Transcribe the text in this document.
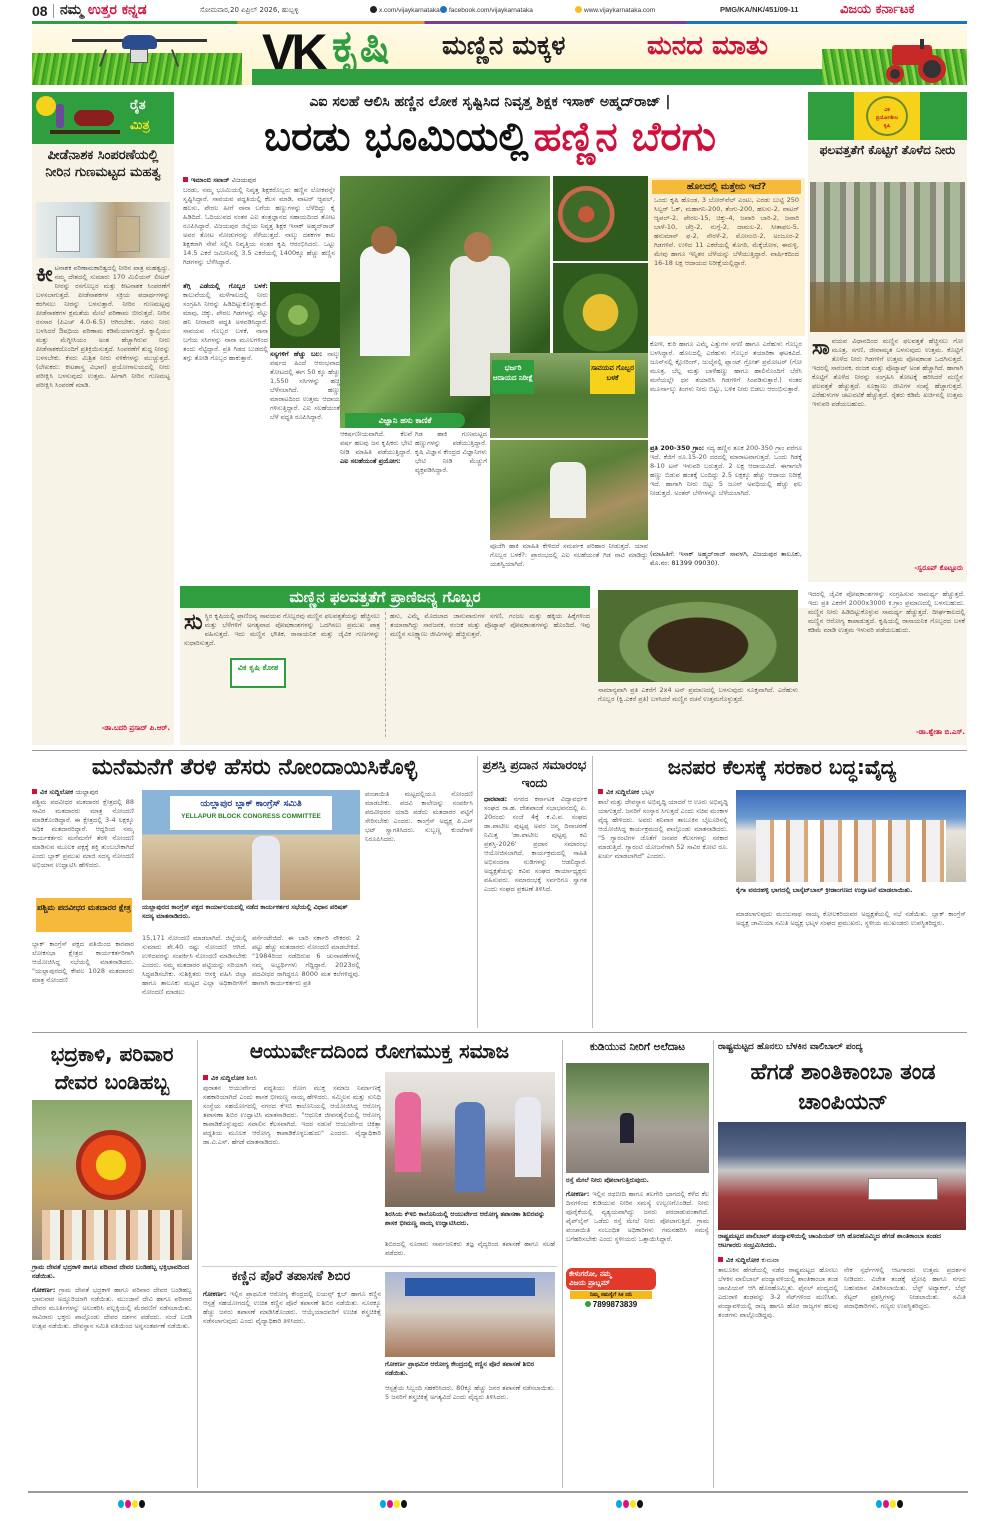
08 ನಮ್ಮ ಉತ್ತರ ಕನ್ನಡ	ಸೋಮವಾರ,20 ಏಪ್ರಿಲ್ 2026, ಹುಬ್ಬಳ್ಳಿ	x.com/vijaykarnataka	facebook.com/vijaykarnataka	www.vijaykarnataka.com	PMG/KA/NK/451/09-11	ವಿಜಯ ಕರ್ನಾಟಕ
VK ಕೃಷಿ ಮಣ್ಣಿನ ಮಕ್ಕಳ	ಮನದ ಮಾತು
ರೈತ
ಮಿತ್ರ
ಪೀಡೆನಾಶಕ ಸಿಂಪರಣೆಯಲ್ಲಿ ನೀರಿನ ಗುಣಮಟ್ಟದ ಮಹತ್ವ
ಕೀ ಟನಾಶಕ ಪರಿಣಾಮಕಾರಿತ್ವದಲ್ಲಿ ನೀರಿನ ಪಾತ್ರ ಮಹತ್ವದ್ದು. ನಮ್ಮ ದೇಶದಲ್ಲಿ ಸುಮಾರು 170 ಮಿಲಿಯನ್ ಲೀಟರ್ ನೀರನ್ನು ರಸಗೊಬ್ಬರ ಮತ್ತು ಕೀಟನಾಶಕ ಸಿಂಪರಣೆಗೆ ಬಳಸಲಾಗುತ್ತದೆ. ಪೀಡೆನಾಶಕಗಳ ಸಕ್ರಿಯ ಪದಾರ್ಥಗಳನ್ನು ಕರಗಿಸಲು ನೀರನ್ನು ಬಳಸುತ್ತಾರೆ. ನೀರಿನ ಗುಣಮಟ್ಟವು ಪೀಡೆನಾಶಕಗಳ ಕ್ಷಮತೆಯ ಮೇಲೆ ಪರಿಣಾಮ ಬೀರುತ್ತದೆ. ನೀರಿನ ರಸಸಾರ (ಪಿಎಚ್ 4.0-6.5) ಆಗಿರಬೇಕು. ಗಡಸು ನೀರು ಬಳಸಿದರೆ ಔಷಧಿಯ ಪರಿಣಾಮ ಕಡಿಮೆಯಾಗುತ್ತದೆ. ಕ್ಯಾಲ್ಸಿಯಂ ಮತ್ತು ಮೆಗ್ನೀಸಿಯಂ ಅಂಶ ಹೆಚ್ಚಾಗಿರುವ ನೀರು ಪೀಡೆನಾಶಕದೊಂದಿಗೆ ಪ್ರತಿಕ್ರಿಯಿಸುತ್ತದೆ. ಸಿಂಪರಣೆಗೆ ಶುದ್ಧ ನೀರನ್ನು ಬಳಸಬೇಕು. ಕೆಸರು ಮಿಶ್ರಿತ ನೀರು ನಳಿಕೆಗಳನ್ನು ಮುಚ್ಚುತ್ತದೆ. (ಲೇಖಕರು: ಕೀಟಶಾಸ್ತ್ರ ವಿಭಾಗ) ಪ್ರಯೋಗಾಲಯದಲ್ಲಿ ನೀರು ಪರೀಕ್ಷಿಸಿ ಬಳಸುವುದು ಉತ್ತಮ. ಹೀಗಾಗಿ ನೀರಿನ ಗುಣಮಟ್ಟ ಪರೀಕ್ಷಿಸಿ ಸಿಂಪರಣೆ ಮಾಡಿ.
-ಡಾ.ಬದರಿ ಪ್ರಸಾದ್ ಪಿ.ಆರ್.
ಎಐ ಸಲಹೆ ಆಲಿಸಿ ಹಣ್ಣಿನ ಲೋಕ ಸೃಷ್ಟಿಸಿದ ನಿವೃತ್ತ ಶಿಕ್ಷಕ ಇಸಾಕ್ ಅಹ್ಮದ್‌ರಾಜ್ |
ಬರಡು ಭೂಮಿಯಲ್ಲಿ ಹಣ್ಣಿನ ಬೆರಗು
ಇಮಾಂಬಿ ಸವಾಜ್ ವಿಜಯಪುರ
ಬರಡು, ನಮ್ಮ ಭೂಮಿಯಲ್ಲಿ ನಿವೃತ್ತ ಶಿಕ್ಷಕರೊಬ್ಬರು ಹಣ್ಣಿನ ಲೋಕವನ್ನೇ ಸೃಷ್ಟಿಸಿದ್ದಾರೆ. ಸಾವಯವ ಪದ್ಧತಿಯಲ್ಲಿ ಕೆಲಸ ಮಾಡಿ, ವಾಟರ್ ಆ್ಯಪಲ್, ಹಲಸು, ಪೇರಲ ಹೀಗೆ ನಾನಾ ಬಗೆಯ ಹಣ್ಣುಗಳನ್ನು ಬೆಳೆದಿದ್ದು ಕೈ ಹಿಡಿದಿದೆ. ಓದಿಯುವದ ನಂತರ ಎಐ ತಂತ್ರಜ್ಞಾನದ ಸಹಾಯದಿಂದ ತೋಟ ರೂಪಿಸಿದ್ದಾರೆ. ವಿಜಯಪುರ ಜಿಲ್ಲೆಯ ನಿವೃತ್ತ ಶಿಕ್ಷಕ ಇಸಾಕ್ ಅಹ್ಮದ್‌ರಾಜ್ ಅವರ ತೋಟ ನೋಡುಗರನ್ನು ಸೆಳೆಯುತ್ತದೆ. ನಾಲ್ಕು ದಶಕಗಳ ಕಾಲ ಶಿಕ್ಷಕರಾಗಿ ಸೇವೆ ಸಲ್ಲಿಸಿ ನಿವೃತ್ತಿಯ ನಂತರ ಕೃಷಿ ಆರಂಭಿಸಿದರು. ಒಟ್ಟು 14.5 ಎಕರೆ ಜಮೀನಿನಲ್ಲಿ 3.5 ಎಕರೆಯಲ್ಲಿ 1400ಕ್ಕೂ ಹೆಚ್ಚು ಹಣ್ಣಿನ ಗಿಡಗಳನ್ನು ಬೆಳೆಸಿದ್ದಾರೆ.
ತೆಗ್ಗಿ ಎಡೆಯಲ್ಲಿ ಗೊಬ್ಬರ ಬಳಕೆ: ಕಾಲುವೆಯಲ್ಲಿ ಮಳೆಗಾಲದಲ್ಲಿ ನೀರು ಸಂಗ್ರಹಿಸಿ ನೀರನ್ನು ಹಿಡಿದಿಟ್ಟುಕೊಳ್ಳುತ್ತಾರೆ. ಮಾವು, ಚಿಕ್ಕು, ಪೇರಲ ಗಿಡಗಳನ್ನು ನೆಟ್ಟು ಹನಿ ನೀರಾವರಿ ಪದ್ಧತಿ ಅಳವಡಿಸಿದ್ದಾರೆ. ಸಾವಯವ ಗೊಬ್ಬರ ಬಳಕೆ, ನಾನಾ ಬಗೆಯ ಸಸಿಗಳನ್ನು ನಾನಾ ಮೂಲಗಳಿಂದ ತಂದು ನೆಟ್ಟಿದ್ದಾರೆ. ಪ್ರತಿ ಗಿಡದ ಬುಡದಲ್ಲಿ ತಗ್ಗು ತೋಡಿ ಗೊಬ್ಬರ ಹಾಕುತ್ತಾರೆ.	ಸಸ್ಯಗಳಿಗೆ ಹೆಚ್ಚು ಬಲ: ನಾಲ್ಕು ವರ್ಷದ ಹಿಂದೆ ಆರಂಭವಾದ ತೋಟದಲ್ಲಿ ಈಗ 50 ಕ್ಕೂ ಹೆಚ್ಚು 1,550 ಸಸಿಗಳನ್ನು ಹಚ್ಚಿ ಬೆಳೆಸಲಾಗಿದೆ. ಹಣ್ಣು ಮಾರಾಟದಿಂದ ಉತ್ತಮ ಆದಾಯ ಗಳಿಸುತ್ತಿದ್ದಾರೆ. ಎಐ ಸಲಹೆಯಂತೆ ಬೆಳೆ ಪದ್ಧತಿ ರೂಪಿಸಿದ್ದಾರೆ.	ವಿಜ್ಞಾನಿ ಹಸು ಕಾಣಿಕೆ
ಭರ್ಜರಿ ಆದಾಯದ ನಿರೀಕ್ಷೆ
ಸಾವಯವ ಗೊಬ್ಬರ ಬಳಕೆ
ಆಕರ್ಷಣೀಯವಾಗಿದೆ. ಕೆಲವೆ ವರ್ಷ ಹಲವು ಜನ ಕೃಷಿಕರು ಭೇಟಿ ನೀಡಿ ಮಾಹಿತಿ ಪಡೆಯುತ್ತಿದ್ದಾರೆ. ಎಐ ಸಲಹೆಯಂತೆ ಪ್ರಯೋಗ:
ಗಿಡ ಹಾಕಿ ಗುಣಮಟ್ಟದ ಹಣ್ಣುಗಳನ್ನು ಪಡೆಯುತ್ತಿದ್ದಾರೆ. ಕೃಷಿ ವಿಜ್ಞಾನ ಕೇಂದ್ರದ ವಿಜ್ಞಾನಿಗಳು ಭೇಟಿ ನೀಡಿ ಮೆಚ್ಚುಗೆ ವ್ಯಕ್ತಪಡಿಸಿದ್ದಾರೆ.
ಪೂಜೆಗಿ ಹಾಕಿ ಮಾಹಿತಿ ಕೇಳಿದರೆ ಸಮರ್ಪಕ ಪರಿಹಾರ ನೀಡುತ್ತದೆ. ಯಾವ ಗೊಬ್ಬರ ಬಳಕೆ?: ಪ್ರಾರಂಭದಲ್ಲಿ ಎಐ ಸಲಹೆಯಂತೆ ಗಿಡ ನಾಟಿ ಮಾಡಿದ್ದು ಯಶಸ್ವಿಯಾಗಿದೆ.
ಹೊಲದಲ್ಲಿ ಮತ್ತೇನು ಇದೆ?
ಒಂದು ಕೃಷಿ ಹೊಂಡ, 3 ಬೋರ್‌ವೆಲ್ ಎಂಟು, ಎರಡು ಬುಟ್ಟಿ 250 ಸಿಲ್ವರ್ ಓಕ್, ಮಹಾಗನಿ-200, ತೆಂಗು-200, ಹಲಸು-2, ವಾಟರ್ ಆ್ಯಪಲ್-2, ಪೇರಲ-15, ಚಿಕ್ಕು-4, ಜವಾರಿ ಬಾರಿ-2, ಜವಾರಿ ಬಾಳೆ-10, ಚೆರ್ರಿ-2, ನುಗ್ಗೆ-2, ದಾಮಲ-2, ಸೀತಾಫಲ-5, ಹನುಮಾನ್ ಫ-2, ನೇರಳೆ-2, ಮೋಸಂಬಿ-2, ಅಂಜೂರ-2 ಗಿಡಗಳಿವೆ. ಉಳಿದ 11 ಎಕರೆಯಲ್ಲಿ ತೊಗರಿ, ಮೆಕ್ಕೆಜೋಳ, ಈರುಳ್ಳಿ, ಮೇವು ಹಾಗೂ ಇನ್ನಿತರ ಬೆಳೆಯನ್ನು ಬೆಳೆಯುತ್ತಿದ್ದಾರೆ. ವಾರ್ಷಿಕದಿಂದ 16-18 ಲಕ್ಷ ಆದಾಯದ ನಿರೀಕ್ಷೆಯಲ್ಲಿದ್ದಾರೆ.
ಕೋಳಿ, ಕುರಿ ಹಾಗೂ ಎಮ್ಮೆ ಎತ್ತುಗಳ ಸಗಣಿ ಹಾಗೂ ಎರೆಹುಳು ಗೊಬ್ಬರ ಬಳಸಿದ್ದಾರೆ. ಹೊಲದಲ್ಲಿ ಎರೆಹುಳು ಗೊಬ್ಬರ ತಯಾರಿಕಾ ಘಟಕವಿದೆ. ಜೂನ್‌ನಲ್ಲಿ ಕ್ಲೋರಿಂಗ್, ಜುಲೈನಲ್ಲಿ ಪ್ಲಾಂಟ್ ಗ್ರೋತ್ ಪ್ರಮೋಟರ್ (ಗೋ ಮೂತ್ರ, ಬೆಲ್ಲ ಮತ್ತು ಬಾಳೆಹಣ್ಣು ಹಾಗೂ ಹಾಲಿನೊಂದಿಗೆ ಬೆರೆಸಿ ಮನೆಯಲ್ಲೇ ಧನ ತಯಾರಿಸಿ ಗಿಡಗಳಿಗೆ ಸಿಂಪಡಿಸುತ್ತಾರೆ.) ನಂತರ ಮೂರ್ನಾಲ್ಕು ತಿಂಗಳು ನೀರು ಬಿಟ್ಟು, ಬಳಿಕ ನೀರು ಬಿಡಲು ಆರಂಭಿಸುತ್ತಾರೆ.
ಪ್ರತಿ 200-350 ಗ್ರಾಂ: ಸದ್ಯ ಹಣ್ಣಿನ ತೂಕ 200-350 ಗ್ರಾಂ ವರೆಗೂ ಇದೆ. ಕೆಜಿಗೆ ರೂ.15-20 ದರದಲ್ಲಿ ಮಾರಾಟವಾಗುತ್ತದೆ. ಒಂದು ಗಿಡಕ್ಕೆ 8-10 ಟನ್ ಇಳುವರಿ ಬರುತ್ತದೆ. 2 ಲಕ್ಷ ಆದಾಯವಿದೆ. ಈಗಾಗಲೇ ಹಣ್ಣು ಬಿಡುವ ಹಂತಕ್ಕೆ ಬಂದಿದ್ದು 2.5 ಲಕ್ಷಕ್ಕೂ ಹೆಚ್ಚು ಆದಾಯ ನಿರೀಕ್ಷೆ ಇದೆ. ಹಾಗಾಗಿ ನೀರು ಬಿಟ್ಟು 5 ಜೂನ್ ಅವಧಿಯಲ್ಲಿ ಹೆಚ್ಚು ಫಲ ನೀಡುತ್ತದೆ. ಅಂತರ್ ಬೆಳೆಗಳನ್ನೂ ಬೆಳೆಯಲಾಗಿದೆ.
(ಮಾಹಿತಿಗೆ: ಇಸಾಕ್ ಅಹ್ಮದ್‌ರಾಜ್ ಸಾವಳಗಿ, ವಿಜಯಪುರ ತಾಲೂಕು, ಮೊ.ನಂ: 81399 09030).
ವಿಕ
ಪ್ರಯೋಗಶೀಲ
ಕೃಷಿ
ಫಲವತ್ತತೆಗೆ ಕೊಟ್ಟಿಗೆ ತೊಳೆದ ನೀರು
ಸಾ ವಯವ ವಿಧಾನದಿಂದ ಮಣ್ಣಿನ ಫಲವತ್ತತೆ ಹೆಚ್ಚಿಸಲು ಗೋ ಮೂತ್ರ, ಸಗಣಿ, ಜೀವಾಮೃತ ಬಳಸುವುದು ಉತ್ತಮ. ಕೊಟ್ಟಿಗೆ ತೊಳೆದ ನೀರು ಗಿಡಗಳಿಗೆ ಉತ್ತಮ ಪೋಷಕಾಂಶ ಒದಗಿಸುತ್ತದೆ. ಇದರಲ್ಲಿ ಸಾರಜನಕ, ರಂಜಕ ಮತ್ತು ಪೊಟ್ಯಾಷ್ ಅಂಶ ಹೆಚ್ಚಾಗಿದೆ. ಹಾಗಾಗಿ ಕೊಟ್ಟಿಗೆ ತೊಳೆದ ನೀರನ್ನು ಸಂಗ್ರಹಿಸಿ ತೋಟಕ್ಕೆ ಹರಿಸಿದರೆ ಮಣ್ಣಿನ ಫಲವತ್ತತೆ ಹೆಚ್ಚುತ್ತದೆ. ಸೂಕ್ಷ್ಮಾಣು ಜೀವಿಗಳ ಸಂಖ್ಯೆ ಹೆಚ್ಚಾಗುತ್ತದೆ. ಎರೆಹುಳುಗಳ ಚಟುವಟಿಕೆ ಹೆಚ್ಚುತ್ತದೆ. ರೈತರು ಕಡಿಮೆ ಖರ್ಚಿನಲ್ಲಿ ಉತ್ತಮ ಇಳುವರಿ ಪಡೆಯಬಹುದು.
-ಸ್ವರೂಪ್ ಕೊಟ್ಟೂರು
ಮಣ್ಣಿನ ಫಲವತ್ತತೆಗೆ ಪ್ರಾಣಿಜನ್ಯ ಗೊಬ್ಬರ
ಸು ಸ್ಥಿರ ಕೃಷಿಯಲ್ಲಿ ಪ್ರಾಣಿಜನ್ಯ ಸಾವಯವ ಗೊಬ್ಬರವು ಮಣ್ಣಿನ ಫಲವತ್ತತೆಯನ್ನು ಹೆಚ್ಚಿಸಲು ಮತ್ತು ಬೆಳೆಗಳಿಗೆ ಅಗತ್ಯವಾದ ಪೋಷಕಾಂಶಗಳನ್ನು ಒದಗಿಸಲು ಪ್ರಮುಖ ಪಾತ್ರ ವಹಿಸುತ್ತದೆ. ಇದು ಮಣ್ಣಿನ ಭೌತಿಕ, ರಾಸಾಯನಿಕ ಮತ್ತು ಜೈವಿಕ ಗುಣಗಳನ್ನು ಸುಧಾರಿಸುತ್ತದೆ.
ವಿಕ ಕೃಷಿ ಕೋಶ
ಹಸು, ಎಮ್ಮೆ ಮೊದಲಾದ ಜಾನುವಾರುಗಳ ಸಗಣಿ, ಗಂಜಲ ಮತ್ತು ಹಕ್ಕಿಯ ಹಿಕ್ಕೆಗಳಿಂದ ತಯಾರಾಗಿದ್ದು ಸಾರಜನಕ, ರಂಜಕ ಮತ್ತು ಪೊಟ್ಯಾಷ್ ಪೋಷಕಾಂಶಗಳನ್ನು ಹೊಂದಿದೆ. ಇವು ಮಣ್ಣಿನ ಸೂಕ್ಷ್ಮಾಣು ಜೀವಿಗಳನ್ನು ಹೆಚ್ಚಿಸುತ್ತವೆ.
ಸಾಮಾನ್ಯವಾಗಿ ಪ್ರತಿ ಎಕರೆಗೆ 2x4 ಟನ್ ಪ್ರಮಾಣದಲ್ಲಿ ಬಳಸುವುದು ಸೂಕ್ತವಾಗಿದೆ. ಎರೆಹುಳು ಗೊಬ್ಬರ (ಕ್ವಿ.ಎಕರೆ ಪ್ರತಿ) ಬಳಸಿದರೆ ಮಣ್ಣಿನ ರಚನೆ ಉತ್ತಮಗೊಳ್ಳುತ್ತದೆ.
ಇದರಲ್ಲಿ ಜೈವಿಕ ಪೋಷಕಾಂಶಗಳನ್ನು ಸಂಗ್ರಹಿಸುವ ಸಾಮರ್ಥ್ಯ ಹೆಚ್ಚುತ್ತದೆ. ಇದು ಪ್ರತಿ ಎಕರೆಗೆ 2000x3000 ಕಿ.ಗ್ರಾಂ ಪ್ರಮಾಣದಲ್ಲಿ ಬಳಸಬಹುದು. ಮಣ್ಣಿನ ನೀರು ಹಿಡಿದಿಟ್ಟುಕೊಳ್ಳುವ ಸಾಮರ್ಥ್ಯ ಹೆಚ್ಚುತ್ತದೆ. ದೀರ್ಘಕಾಲದಲ್ಲಿ ಮಣ್ಣಿನ ಆರೋಗ್ಯ ಕಾಪಾಡುತ್ತದೆ. ಕೃಷಿಯಲ್ಲಿ ರಾಸಾಯನಿಕ ಗೊಬ್ಬರದ ಬಳಕೆ ಕಡಿಮೆ ಮಾಡಿ ಉತ್ತಮ ಇಳುವರಿ ಪಡೆಯಬಹುದು.
-ಡಾ.ಶ್ವೇತಾ ಬಿ.ಎಸ್.
ಮನೆಮನೆಗೆ ತೆರಳಿ ಹೆಸರು ನೋಂದಾಯಿಸಿಕೊಳ್ಳಿ
ವಿಕ ಸುದ್ದಿಲೋಕ ಯಲ್ಲಾಪುರ
ಪಶ್ಚಿಮ ಪದವೀಧರ ಮತದಾರರ ಕ್ಷೇತ್ರದಲ್ಲಿ 88 ಸಾವಿರ ಮತದಾರರು ಮಾತ್ರ ನೋಂದಣಿ ಮಾಡಿಕೊಂಡಿದ್ದಾರೆ. ಈ ಕ್ಷೇತ್ರದಲ್ಲಿ 3-4 ಲಕ್ಷಕ್ಕೂ ಅಧಿಕ ಮತದಾರರಿದ್ದಾರೆ. ಆದ್ದರಿಂದ ನಮ್ಮ ಕಾರ್ಯಕರ್ತರು ಮನೆಮನೆಗೆ ತೆರಳಿ ನೋಂದಣಿ ಮಾಡಿಸುವ ಮೂಲಕ ಪಕ್ಷಕ್ಕೆ ಶಕ್ತಿ ತುಂಬಬೇಕಾಗಿದೆ ಎಂದು ಬ್ಲಾಕ್ ಪ್ರಮುಖ ಮಾಜಿ ಸದಸ್ಯ ನೋಂದಣಿ ಅಭಿಯಾನ ಉದ್ಘಾಟಿಸಿ ಹೇಳಿದರು.
ಪಶ್ಚಿಮ ಪದವೀಧರ ಮತದಾರರ ಕ್ಷೇತ್ರ
ಬ್ಲಾಕ್ ಕಾಂಗ್ರೆಸ್ ಪಕ್ಷದ ವತಿಯಿಂದ ಕಾರವಾರ ಲೋಕಸಭಾ ಕ್ಷೇತ್ರದ ಕಾರ್ಯಕರ್ತರಿಗಾಗಿ ಆಯೋಜಿಸಿದ್ದ ಸಭೆಯಲ್ಲಿ ಮಾತನಾಡಿದರು. "ಯಲ್ಲಾಪುರದಲ್ಲಿ ಕೇವಲ 1028 ಮತದಾರರು ಮಾತ್ರ ನೋಂದಣಿ
ಯಲ್ಲಾಪುರ ಬ್ಲಾಕ್ ಕಾಂಗ್ರೆಸ್ ಸಮಿತಿ
YELLAPUR BLOCK CONGRESS COMMITTEE
ಯಲ್ಲಾಪುರದ ಕಾಂಗ್ರೆಸ್ ಪಕ್ಷದ ಕಾರ್ಯಾಲಯದಲ್ಲಿ ನಡೆದ ಕಾರ್ಯಕರ್ತರ ಸಭೆಯಲ್ಲಿ ವಿಧಾನ ಪರಿಷತ್ ಸದಸ್ಯ ಮಾತನಾಡಿದರು.
15,171 ನೋಂದಣಿ ಮಾಡಲಾಗಿದೆ. ಜಿಲ್ಲೆಯಲ್ಲಿ ಸುಮಾರು ಶೇ.40 ರಷ್ಟು ನೋಂದಣಿ ಆಗಿದೆ. ಉಳಿದವರನ್ನು ಸಂಪರ್ಕಿಸಿ ನೋಂದಣಿ ಮಾಡಿಸಬೇಕು ಎಂದರು. ನಮ್ಮ ಮತದಾರರ ಪಟ್ಟಿಯನ್ನು ಸರಿಯಾಗಿ ಸಿದ್ಧಪಡಿಸಬೇಕು. ಸುಶಿಕ್ಷಿತರು ಆಸಕ್ತಿ ವಹಿಸಿ ಜಿಲ್ಲಾ ಹಾಗೂ ತಾಲೂಕು ಮಟ್ಟದ ಎಲ್ಲಾ ಅಧಿಕಾರಿಗಳಿಗೆ ನೋಂದಣಿ ಮಾಡಲು
ಪರ್ಸೆಂಟೇಜಿದೆ. ಈ ಬಾರಿ ಸರ್ಕಾರಿ ನೌಕರರು 2 ಪಟ್ಟು ಹೆಚ್ಚು ಮತದಾರರು ನೋಂದಣಿ ಮಾಡಬೇಕಿದೆ. "1984ರಿಂದ ನಡೆದಿರುವ 6 ಚುನಾವಣೆಗಳಲ್ಲಿ ನಮ್ಮ ಅಭ್ಯರ್ಥಿಗಳು ಗೆದ್ದಿದ್ದಾರೆ. 2023ರಲ್ಲಿ ಪದವೀಧರ ರಾಗಿದ್ದರೂ 8000 ಮತ ಕಲೆಗಳಿದ್ದವು. ಹಾಗಾಗಿ ಕಾರ್ಯಕರ್ತರು ಪ್ರತಿ
ಪಂಚಾಯಿತಿ ಮಟ್ಟದಲ್ಲಿಯೂ ನೋಂದಣಿ ಮಾಡಬೇಕು. ಪದವಿ ಕಾಲೇಜನ್ನು ಸಂಪರ್ಕಿಸಿ ಪದವೀಧರರ ಯಾದಿ ಪಡೆದು ಮತದಾರರ ಪಟ್ಟಿಗೆ ಸೇರಿಸಬೇಕು ಎಂದರು. ಕಾಂಗ್ರೆಸ್ ಅಧ್ಯಕ್ಷ ಪಿ.ಎಸ್ ಭಟ್ ಸ್ವಾಗತಿಸಿದರು. ಸುಬ್ಬಣ್ಣ ಕುಂಟೆಗಾಳಿ ನಿರೂಪಿಸಿದರು.
ಪ್ರಶಸ್ತಿ ಪ್ರದಾನ ಸಮಾರಂಭ ಇಂದು
ಧಾರವಾಡ: ನಗರದ ಕರ್ನಾಟಕ ವಿದ್ಯಾವರ್ಧಕ ಸಂಘದ ರಾ.ಹ. ದೇಶಪಾಂಡೆ ಸಭಾಭವನದಲ್ಲಿ ಏ. 20ರಂದು ಸಂಜೆ 4ಕ್ಕೆ ಕ.ವಿ.ವ. ಸಂಘದ ಡಾ.ಪಾಟೀಲ ಪುಟ್ಟಪ್ಪ ಅವರ ಜನ್ಮ ದಿನಾಚರಣೆ ನಿಮಿತ್ತ 'ಡಾ.ಪಾಟೀಲ ಪುಟ್ಟಪ್ಪ ಕವಿ ಪ್ರಶಸ್ತಿ-2026' ಪ್ರದಾನ ಸಮಾರಂಭ ಆಯೋಜಿಸಲಾಗಿದೆ. ಕಾರ್ಯಕ್ರಮದಲ್ಲಿ ಸಾಹಿತಿ ಅಭಿನಂದನಾ ನುಡಿಗಳನ್ನು ಆಡಲಿದ್ದಾರೆ. ಅಧ್ಯಕ್ಷತೆಯನ್ನು ಕವಿವ ಸಂಘದ ಕಾರ್ಯಾಧ್ಯಕ್ಷರು ವಹಿಸುವರು. ಸಮಾರಂಭಕ್ಕೆ ಸರ್ವರಿಗೂ ಸ್ವಾಗತ ಎಂದು ಸಂಘದ ಪ್ರಕಟಣೆ ತಿಳಿಸಿದೆ.
ಜನಪರ ಕೆಲಸಕ್ಕೆ ಸರಕಾರ ಬದ್ಧ:ವೈದ್ಯ
ವಿಕ ಸುದ್ದಿಲೋಕ ಭಟ್ಕಳ
ಶಾಲೆ ಮತ್ತು ದೇವಸ್ಥಾನ ಅಭಿವೃದ್ಧಿ ಯಾದರೆ ಆ ಊರು ಅಭಿವೃದ್ಧಿ ಯಾಗುತ್ತದೆ. ಜನರಿಗೆ ಸಂಸ್ಕಾರ ಸಿಗುತ್ತದೆ ಎಂದು ಸಚಿವ ಮಂಕಾಳ ವೈದ್ಯ ಹೇಳಿದರು. ಅವರು ಶನಿವಾರ ತಾಲೂಕಿನ ಬೈಲೂರಿನಲ್ಲಿ ಆಯೋಜಿಸಿದ್ದ ಕಾರ್ಯಕ್ರಮದಲ್ಲಿ ಪಾಲ್ಗೊಂಡು ಮಾತನಾಡಿದರು. "5 ಗ್ಯಾರಂಟಿಗಳ ಜೊತೆಗೆ ಜನಪರ ಕೆಲಸಗಳನ್ನು ಸರಕಾರ ಮಾಡುತ್ತಿದೆ. ಗ್ಯಾರಂಟಿ ಯೋಜನೆಗಾಗಿ 52 ಸಾವಿರ ಕೋಟಿ ರೂ. ಖರ್ಚು ಮಾಡಲಾಗಿದೆ" ಎಂದರು.
ಕೈಗಾ ವನದಹಳ್ಳಿ ಭಾಗದಲ್ಲಿ ಬಾಸ್ಕೆಟ್‌ಬಾಲ್ ಕ್ರೀಡಾಂಗಣದ ಉದ್ಘಾಟನೆ ಮಾಡಲಾಯಿತು.
ಮಾಡಲಾಗುವುದು ಮಂಜುನಾಥ ನಾಯ್ಕ ಕೋಲಕರಿಯವರ ಅಧ್ಯಕ್ಷತೆಯಲ್ಲಿ ಸಭೆ ನಡೆಯಿತು. ಬ್ಲಾಕ್ ಕಾಂಗ್ರೆಸ್ ಅಧ್ಯಕ್ಷ ಜಾಮಿಯಾ ಸಮಿತಿ ಅಧ್ಯಕ್ಷ ಭಟ್ಕಳ ಸಂಘದ ಪ್ರಮುಖರು, ಸ್ಥಳೀಯ ಮುಖಂಡರು ಉಪಸ್ಥಿತರಿದ್ದರು.
ಭದ್ರಕಾಳಿ, ಪರಿವಾರ ದೇವರ ಬಂಡಿಹಬ್ಬ
ಗ್ರಾಮ ದೇವತೆ ಭದ್ರಕಾಳಿ ಹಾಗೂ ಪರಿವಾರ ದೇವರ ಬಂಡಿಹಬ್ಬ ಭಕ್ತಿಭಾವದಿಂದ ನಡೆಯಿತು.
ಗೋಕರ್ಣ: ಗ್ರಾಮ ದೇವತೆ ಭದ್ರಕಾಳಿ ಹಾಗೂ ಪರಿವಾರ ದೇವರ ಬಂಡಿಹಬ್ಬ ಭಾನುವಾರ ಅದ್ಧೂರಿಯಾಗಿ ನಡೆಯಿತು. ಮುಂಜಾನೆ ದೇವಿ ಹಾಗೂ ಪರಿವಾರ ದೇವರ ಮೂರ್ತಿಗಳನ್ನು ಅಲಂಕರಿಸಿ ಪಲ್ಲಕ್ಕಿಯಲ್ಲಿ ಮೆರವಣಿಗೆ ನಡೆಸಲಾಯಿತು. ಸಾವಿರಾರು ಭಕ್ತರು ಪಾಲ್ಗೊಂಡು ದೇವರ ದರ್ಶನ ಪಡೆದರು. ಸಂಜೆ ಬಂಡಿ ಉತ್ಸವ ನಡೆಯಿತು. ದೇವಸ್ಥಾನ ಸಮಿತಿ ವತಿಯಿಂದ ಅನ್ನಸಂತರ್ಪಣೆ ನಡೆಯಿತು.
ಆಯುರ್ವೇದದಿಂದ ರೋಗಮುಕ್ತ ಸಮಾಜ
ವಿಕ ಸುದ್ದಿಲೋಕ ಶಿರಸಿ
ಪುರಾತನ ಆಯುರ್ವೇದ ಪದ್ಧತಿಯು ರೋಗ ಮುಕ್ತ ಸಮಾಜ ನಿರ್ಮಾಣಕ್ಕೆ ಸಹಕಾರಿಯಾಗಿದೆ ಎಂದು ಶಾಸಕ ಭೀಮಣ್ಣ ನಾಯ್ಕ ಹೇಳಿದರು. ಸಮ್ಮಿಲನ ಮತ್ತು ಸುನಿಧಿ ಸಂಸ್ಥೆಯ ಸಹಯೋಗದಲ್ಲಿ ನಗರದ ಕೆಇಬಿ ಕಾಲೊನಿಯಲ್ಲಿ ಆಯೋಜಿಸಿದ್ದ ಆರೋಗ್ಯ ತಪಾಸಣಾ ಶಿಬಿರ ಉದ್ಘಾಟಿಸಿ ಮಾತನಾಡಿದರು. "ಆಧುನಿಕ ಜೀವನಶೈಲಿಯಲ್ಲಿ ಆರೋಗ್ಯ ಕಾಪಾಡಿಕೊಳ್ಳುವುದು ಸವಾಲಿನ ಕೆಲಸವಾಗಿದೆ. ಇದರ ನಡುವೆ ಆಯುರ್ವೇದ ಚಿಕಿತ್ಸಾ ಪದ್ಧತಿಯ ಮೂಲಕ ಆರೋಗ್ಯ ಕಾಪಾಡಿಕೊಳ್ಳಬಹುದು" ಎಂದರು. ವೈದ್ಯಾಧಿಕಾರಿ ಡಾ.ವಿ.ಎಸ್. ಹೆಗಡೆ ಮಾತನಾಡಿದರು.
ಶಿರಸಿಯ ಕೆಇಬಿ ಕಾಲೊನಿಯಲ್ಲಿ ಆಯುರ್ವೇದ ಆರೋಗ್ಯ ತಪಾಸಣಾ ಶಿಬಿರವನ್ನು ಶಾಸಕ ಭೀಮಣ್ಣ ನಾಯ್ಕ ಉದ್ಘಾಟಿಸಿದರು.
ಶಿಬಿರದಲ್ಲಿ ನೂರಾರು ಸಾರ್ವಜನಿಕರು ತಜ್ಞ ವೈದ್ಯರಿಂದ ತಪಾಸಣೆ ಹಾಗೂ ಸಲಹೆ ಪಡೆದರು.
ಕಣ್ಣಿನ ಪೊರೆ ತಪಾಸಣೆ ಶಿಬಿರ
ಗೋಕರ್ಣ: ಇಲ್ಲಿನ ಪ್ರಾಥಮಿಕ ಆರೋಗ್ಯ ಕೇಂದ್ರದಲ್ಲಿ ಲಯನ್ಸ್ ಕ್ಲಬ್ ಹಾಗೂ ಕಣ್ಣಿನ ಆಸ್ಪತ್ರೆ ಸಹಯೋಗದಲ್ಲಿ ಉಚಿತ ಕಣ್ಣಿನ ಪೊರೆ ತಪಾಸಣೆ ಶಿಬಿರ ನಡೆಯಿತು. ನೂರಕ್ಕೂ ಹೆಚ್ಚು ಜನರು ತಪಾಸಣೆ ಮಾಡಿಸಿಕೊಂಡರು. ಆಯ್ಕೆಯಾದವರಿಗೆ ಉಚಿತ ಶಸ್ತ್ರಚಿಕಿತ್ಸೆ ನಡೆಸಲಾಗುವುದು ಎಂದು ವೈದ್ಯಾಧಿಕಾರಿ ತಿಳಿಸಿದರು.
ಗೋಕರ್ಣ ಪ್ರಾಥಮಿಕ ಆರೋಗ್ಯ ಕೇಂದ್ರದಲ್ಲಿ ಕಣ್ಣಿನ ಪೊರೆ ತಪಾಸಣೆ ಶಿಬಿರ ನಡೆಯಿತು.
ಆಸ್ಪತ್ರೆಯ ಸಿಬ್ಬಂದಿ ಸಹಕರಿಸಿದರು. 80ಕ್ಕೂ ಹೆಚ್ಚು ಜನರ ತಪಾಸಣೆ ನಡೆಸಲಾಯಿತು. 5 ಜನರಿಗೆ ಶಸ್ತ್ರಚಿಕಿತ್ಸೆ ಅಗತ್ಯವಿದೆ ಎಂದು ವೈದ್ಯರು ತಿಳಿಸಿದರು.
ಕುಡಿಯುವ ನೀರಿಗೆ ಅಲೆದಾಟ
ರಸ್ತೆ ಮೇಲೆ ನೀರು ಪೋಲಾಗುತ್ತಿರುವುದು.
ಗೋಕರ್ಣ: ಇಲ್ಲಿನ ರಥಬೀದಿ ಹಾಗೂ ತಲಗೇರಿ ಭಾಗದಲ್ಲಿ ಕಳೆದ ಕೆಲ ದಿನಗಳಿಂದ ಕುಡಿಯುವ ನೀರಿನ ಸಮಸ್ಯೆ ಉಲ್ಬಣಗೊಂಡಿದೆ. ನೀರು ಪೂರೈಕೆಯಲ್ಲಿ ವ್ಯತ್ಯಯವಾಗಿದ್ದು ಜನರು ಪರದಾಡುವಂತಾಗಿದೆ. ಪೈಪ್‌ಲೈನ್ ಒಡೆದು ರಸ್ತೆ ಮೇಲೆ ನೀರು ಪೋಲಾಗುತ್ತಿದೆ. ಗ್ರಾಮ ಪಂಚಾಯಿತಿ ಸಂಬಂಧಿತ ಅಧಿಕಾರಿಗಳು ಗಮನಹರಿಸಿ ಸಮಸ್ಯೆ ಬಗೆಹರಿಸಬೇಕು ಎಂದು ಸ್ಥಳೀಯರು ಒತ್ತಾಯಿಸಿದ್ದಾರೆ.
ಕೇಳುಗರೋ, ನಮ್ಮ
ವಿಜಯ ಪ್ರಾಬ್ಲಮ್
ನಿಮ್ಮ ಸಮಸ್ಯೆಗೆ ಸಿಕ ದನಿ
7899873839
ರಾಷ್ಟ್ರಮಟ್ಟದ ಹೊನಲು ಬೆಳಕಿನ ವಾಲಿಬಾಲ್ ಪಂದ್ಯ
ಹೆಗಡೆ ಶಾಂತಿಕಾಂಬಾ ತಂಡ ಚಾಂಪಿಯನ್
ರಾಷ್ಟ್ರಮಟ್ಟದ ವಾಲಿಬಾಲ್ ಪಂದ್ಯಾವಳಿಯಲ್ಲಿ ಚಾಂಪಿಯನ್ ಆಗಿ ಹೊರಹೊಮ್ಮಿದ ಹೆಗಡೆ ಶಾಂತಿಕಾಂಬಾ ತಂಡದ ಆಟಗಾರರು ಸಂಭ್ರಮಿಸಿದರು.
ವಿಕ ಸುದ್ದಿಲೋಕ ಕುಮಟಾ
ತಾಲೂಕಿನ ಹೆಗಡೆಯಲ್ಲಿ ನಡೆದ ರಾಷ್ಟ್ರಮಟ್ಟದ ಹೊನಲು ಬೆಳಕಿನ ವಾಲಿಬಾಲ್ ಪಂದ್ಯಾವಳಿಯಲ್ಲಿ ಶಾಂತಿಕಾಂಬಾ ತಂಡ ಚಾಂಪಿಯನ್ ಆಗಿ ಹೊರಹೊಮ್ಮಿತು. ಫೈನಲ್ ಪಂದ್ಯದಲ್ಲಿ ಎದುರಾಳಿ ತಂಡವನ್ನು 3-2 ಸೆಟ್‌ಗಳಿಂದ ಮಣಿಸಿತು. ಪಂದ್ಯಾವಳಿಯಲ್ಲಿ ರಾಜ್ಯ ಹಾಗೂ ಹೊರ ರಾಜ್ಯಗಳ ಹಲವು ತಂಡಗಳು ಪಾಲ್ಗೊಂಡಿದ್ದವು.
ನೇಕ ಸ್ಪರ್ಧೆಗಳಲ್ಲಿ ಆಟಗಾರರು ಉತ್ತಮ ಪ್ರದರ್ಶನ ನೀಡಿದರು. ವಿಜೇತ ತಂಡಕ್ಕೆ ಟ್ರೋಫಿ ಹಾಗೂ ನಗದು ಬಹುಮಾನ ವಿತರಿಸಲಾಯಿತು. ಬೆಸ್ಟ್ ಅಟ್ಯಾಕರ್, ಬೆಸ್ಟ್ ಸೆಟ್ಟರ್ ಪ್ರಶಸ್ತಿಗಳನ್ನು ನೀಡಲಾಯಿತು. ಸಮಿತಿ ಪದಾಧಿಕಾರಿಗಳು, ಗಣ್ಯರು ಉಪಸ್ಥಿತರಿದ್ದರು.
